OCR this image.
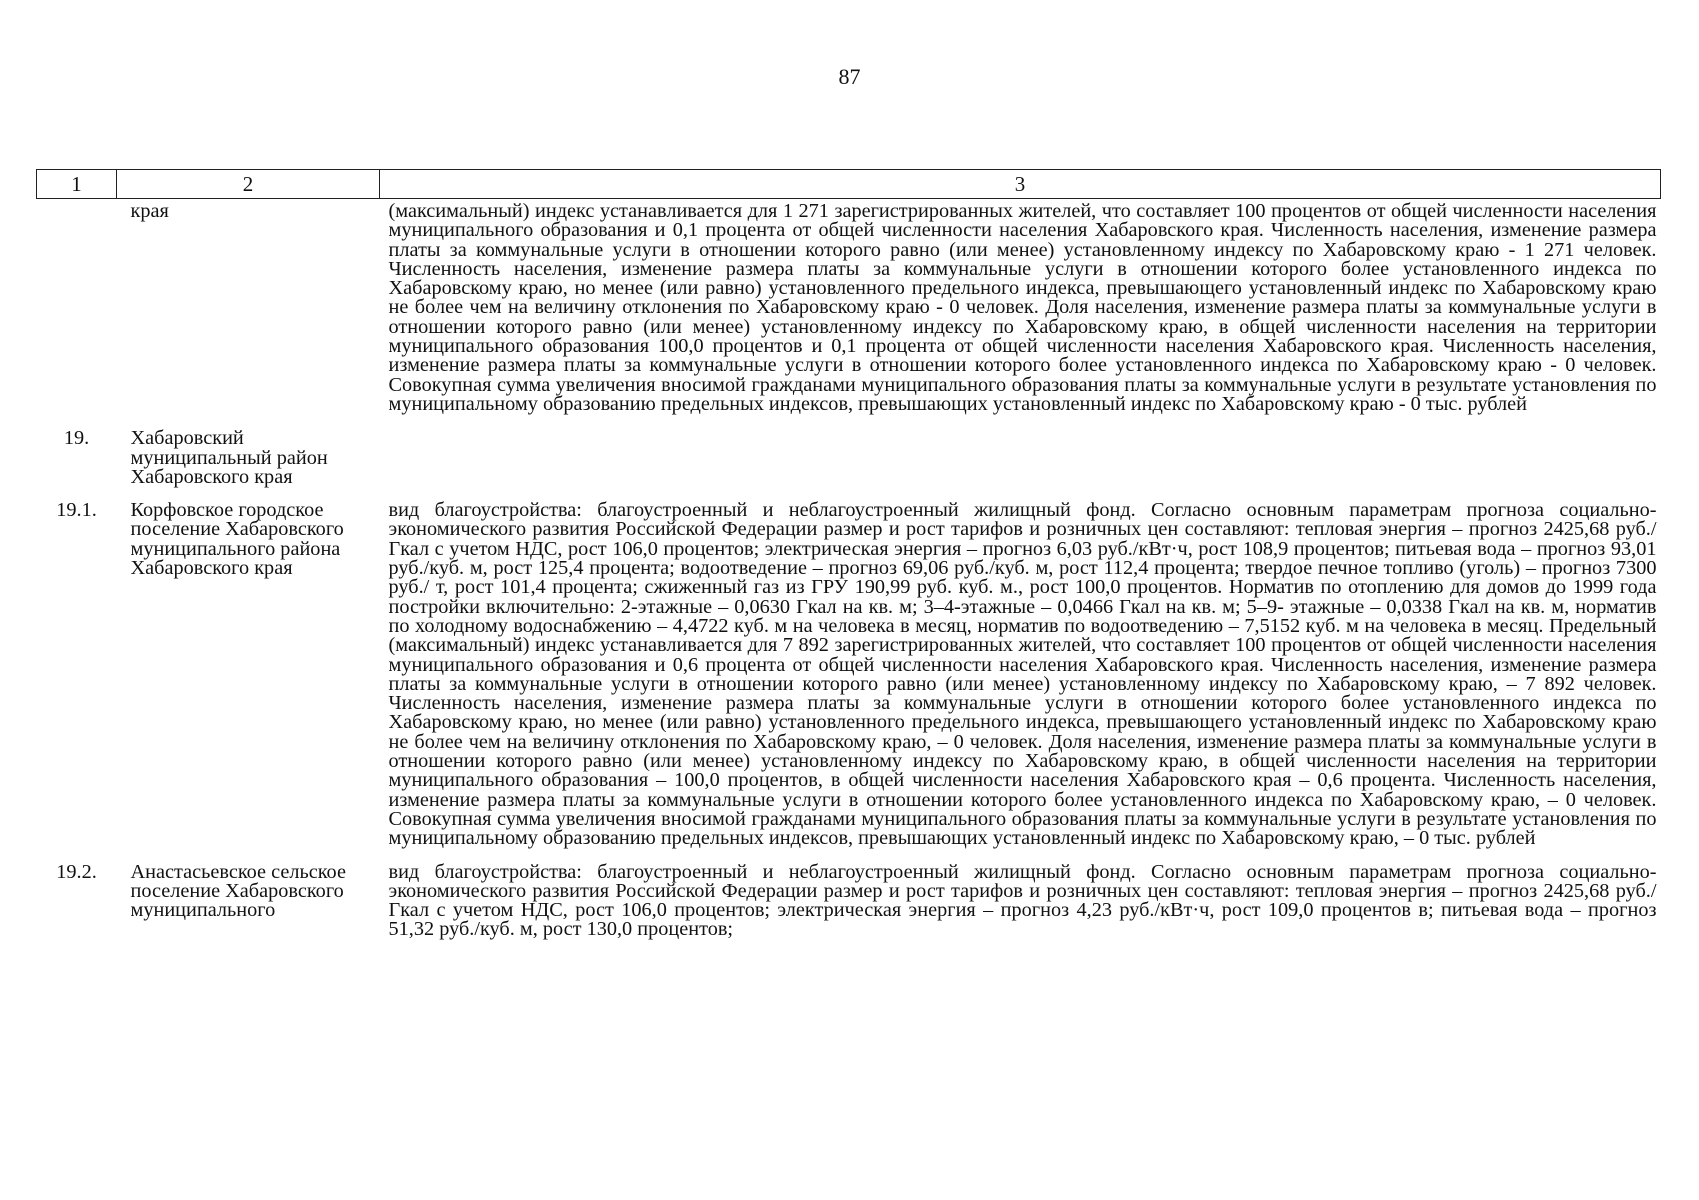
87
1	2	3
	края	(максимальный) индекс устанавливается для 1 271 зарегистрированных жителей, что составляет 100 процентов от общей численности населения муниципального образования и 0,1 процента от общей численности населения Хабаровского края. Численность населения, изменение размера платы за коммунальные услуги в отношении которого равно (или менее) установленному индексу по Хабаровскому краю - 1 271 человек. Численность населения, изменение размера платы за коммунальные услуги в отношении которого более установленного индекса по Хабаровскому краю, но менее (или равно) установленного предельного индекса, превышающего установленный индекс по Хабаровскому краю не более чем на величину отклонения по Хабаровскому краю - 0 человек. Доля населения, изменение размера платы за коммунальные услуги в отношении которого равно (или менее) установленному индексу по Хабаровскому краю, в общей численности населения на территории муниципального образования 100,0 процентов и 0,1 процента от общей численности населения Хабаровского края. Численность населения, изменение размера платы за коммунальные услуги в отношении которого более установленного индекса по Хабаровскому краю - 0 человек. Совокупная сумма увеличения вносимой гражданами муниципального образования платы за коммунальные услуги в результате установления по муниципальному образованию предельных индексов, превышающих установленный индекс по Хабаровскому краю - 0 тыс. рублей
19.	Хабаровский муниципальный район Хабаровского края	
19.1.	Корфовское городское поселение Хабаровского муниципального района Хабаровского края	вид благоустройства: благоустроенный и неблагоустроенный жилищный фонд. Согласно основным параметрам прогноза социально-экономического развития Российской Федерации размер и рост тарифов и розничных цен составляют: тепловая энергия – прогноз 2425,68 руб./Гкал с учетом НДС, рост 106,0 процентов; электрическая энергия – прогноз 6,03 руб./кВт·ч, рост 108,9 процентов; питьевая вода – прогноз 93,01 руб./куб. м, рост 125,4 процента; водоотведение – прогноз 69,06 руб./куб. м, рост 112,4 процента; твердое печное топливо (уголь) – прогноз 7300 руб./ т, рост 101,4 процента; сжиженный газ из ГРУ 190,99 руб. куб. м., рост 100,0 процентов. Норматив по отоплению для домов до 1999 года постройки включительно: 2-этажные – 0,0630 Гкал на кв. м; 3–4-этажные – 0,0466 Гкал на кв. м; 5–9- этажные – 0,0338 Гкал на кв. м, норматив по холодному водоснабжению – 4,4722 куб. м на человека в месяц, норматив по водоотведению – 7,5152 куб. м на человека в месяц. Предельный (максимальный) индекс устанавливается для 7 892 зарегистрированных жителей, что составляет 100 процентов от общей численности населения муниципального образования и 0,6 процента от общей численности населения Хабаровского края. Численность населения, изменение размера платы за коммунальные услуги в отношении которого равно (или менее) установленному индексу по Хабаровскому краю, – 7 892 человек. Численность населения, изменение размера платы за коммунальные услуги в отношении которого более установленного индекса по Хабаровскому краю, но менее (или равно) установленного предельного индекса, превышающего установленный индекс по Хабаровскому краю не более чем на величину отклонения по Хабаровскому краю, – 0 человек. Доля населения, изменение размера платы за коммунальные услуги в отношении которого равно (или менее) установленному индексу по Хабаровскому краю, в общей численности населения на территории муниципального образования – 100,0 процентов, в общей численности населения Хабаровского края – 0,6 процента. Численность населения, изменение размера платы за коммунальные услуги в отношении которого более установленного индекса по Хабаровскому краю, – 0 человек. Совокупная сумма увеличения вносимой гражданами муниципального образования платы за коммунальные услуги в результате установления по муниципальному образованию предельных индексов, превышающих установленный индекс по Хабаровскому краю, – 0 тыс. рублей
19.2.	Анастасьевское сельское поселение Хабаровского муниципального	вид благоустройства: благоустроенный и неблагоустроенный жилищный фонд. Согласно основным параметрам прогноза социально-экономического развития Российской Федерации размер и рост тарифов и розничных цен составляют: тепловая энергия – прогноз 2425,68 руб./Гкал с учетом НДС, рост 106,0 процентов; электрическая энергия – прогноз 4,23 руб./кВт·ч, рост 109,0 процентов в; питьевая вода – прогноз 51,32 руб./куб. м, рост 130,0 процентов;
